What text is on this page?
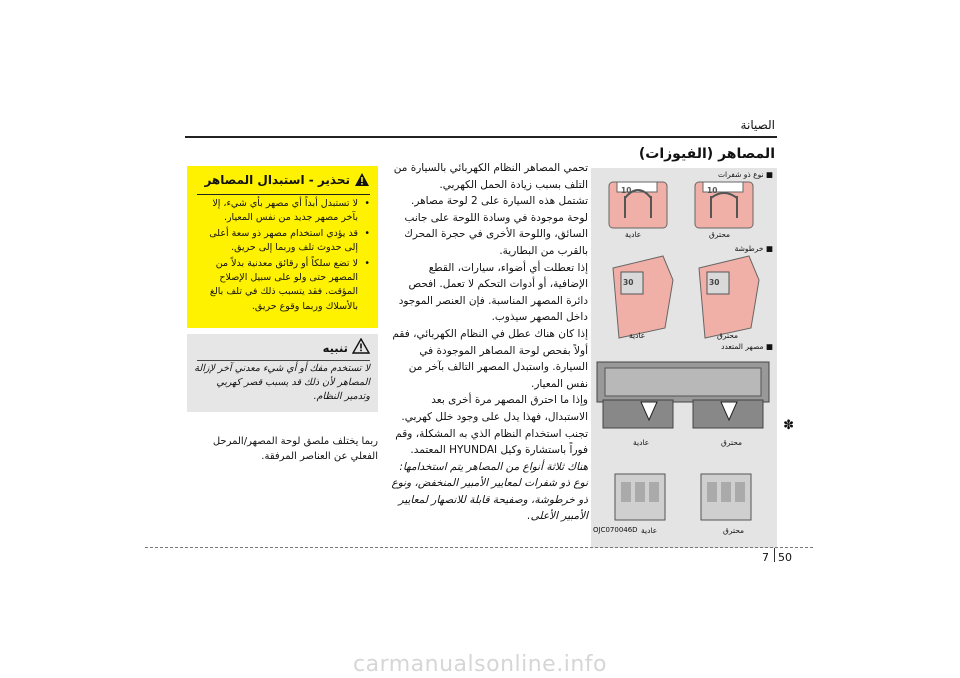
الصيانة
المصاهر (الفيوزات)

تحمي المصاهر النظام الكهربائي بالسيارة من التلف بسبب زيادة الحمل الكهربي.

تشتمل هذه السيارة على 2 لوحة مصاهر. لوحة موجودة في وسادة اللوحة على جانب السائق، واللوحة الأخرى في حجرة المحرك بالقرب من البطارية.

إذا تعطلت أي أضواء، سيارات، القطع الإضافية، أو أدوات التحكم لا تعمل. افحص دائرة المصهر المناسبة. فإن العنصر الموجود داخل المصهر سيذوب.

إذا كان هناك عطل في النظام الكهربائي، فقم أولاً بفحص لوحة المصاهر الموجودة في السيارة. واستبدل المصهر التالف بآخر من نفس المعيار.

وإذا ما احترق المصهر مرة أخرى بعد الاستبدال، فهذا يدل على وجود خلل كهربي. تجنب استخدام النظام الذي به المشكلة، وقم فوراً باستشارة وكيل HYUNDAI المعتمد.

هناك ثلاثة أنواع من المصاهر يتم استخدامها: نوع ذو شفرات لمعايير الأمبير المنخفض، ونوع ذو خرطوشة، وصفيحة قابلة للانصهار لمعايير الأمبير الأعلى.

تحذير - استبدال المصاهر
• لا تستبدل أبداً أي مصهر بأي شيء، إلا بآخر مصهر جديد من نفس المعيار.
• قد يؤدي استخدام مصهر ذو سعة أعلى إلى حدوث تلف وربما إلى حريق.
• لا تضع سلكاً أو رقائق معدنية بدلاً من المصهر حتى ولو على سبيل الإصلاح المؤقت. فقد يتسبب ذلك في تلف بالغ بالأسلاك وربما وقوع حريق.
تنبيه
لا تستخدم مفك أو أي شيء معدني آخر لإزالة المصاهر لأن ذلك قد يسبب قصر كهربي وتدمير النظام.
✽
ربما يختلف ملصق لوحة المصهر/المرحل الفعلي عن العناصر المرفقة.
10
10
30
30
■ نوع ذو شفرات
محترق
عادية
■ خرطوشة
محترق
عادية
■ مصهر المتعدد
محترق
عادية
محترق
عادية
OJC070046D
7 50
carmanualsonline.info
